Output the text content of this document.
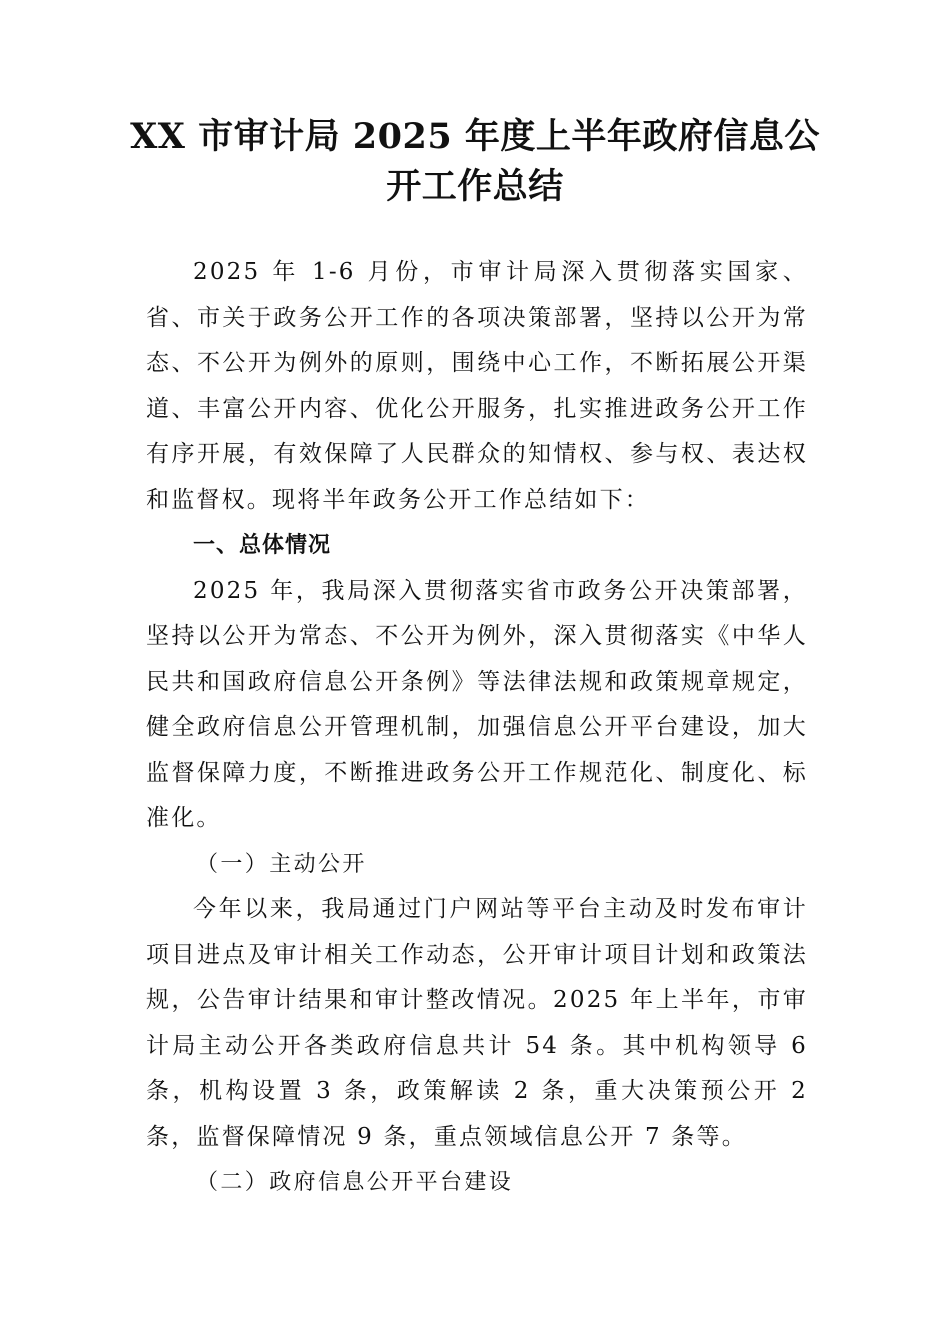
XX 市审计局 2025 年度上半年政府信息公
开工作总结

2025 年 1-6 月份，市审计局深入贯彻落实国家、省、市关于政务公开工作的各项决策部署，坚持以公开为常态、不公开为例外的原则，围绕中心工作，不断拓展公开渠道、丰富公开内容、优化公开服务，扎实推进政务公开工作有序开展，有效保障了人民群众的知情权、参与权、表达权和监督权。现将半年政务公开工作总结如下：

一、总体情况

2025 年，我局深入贯彻落实省市政务公开决策部署，坚持以公开为常态、不公开为例外，深入贯彻落实《中华人民共和国政府信息公开条例》等法律法规和政策规章规定，健全政府信息公开管理机制，加强信息公开平台建设，加大监督保障力度，不断推进政务公开工作规范化、制度化、标准化。

（一）主动公开

今年以来，我局通过门户网站等平台主动及时发布审计项目进点及审计相关工作动态，公开审计项目计划和政策法规，公告审计结果和审计整改情况。2025 年上半年，市审计局主动公开各类政府信息共计 54 条。其中机构领导 6 条，机构设置 3 条，政策解读 2 条，重大决策预公开 2 条，监督保障情况 9 条，重点领域信息公开 7 条等。

（二）政府信息公开平台建设
